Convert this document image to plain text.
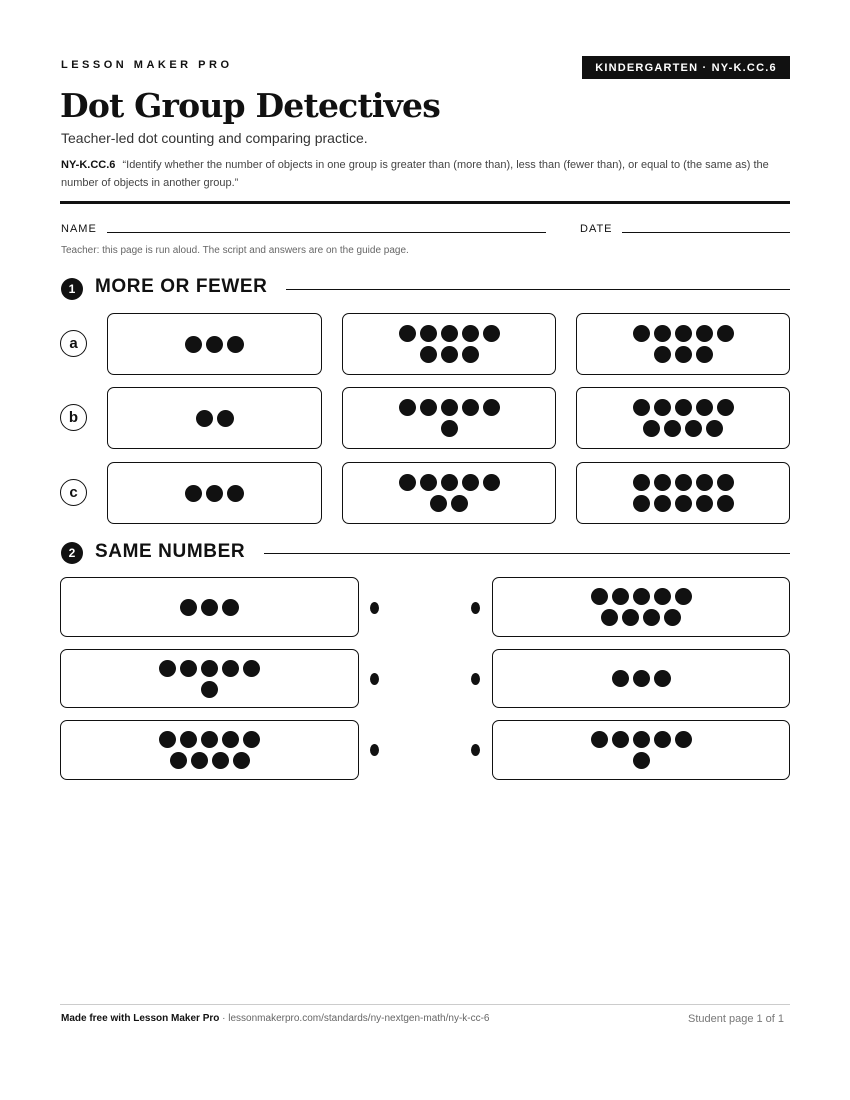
LESSON MAKER PRO	KINDERGARTEN · NY-K.CC.6
Dot Group Detectives
Teacher-led dot counting and comparing practice.
NY-K.CC.6 “Identify whether the number of objects in one group is greater than (more than), less than (fewer than), or equal to (the same as) the number of objects in another group.”
NAME	DATE
Teacher: this page is run aloud. The script and answers are on the guide page.
1	MORE OR FEWER
a
b
c
2	SAME NUMBER
Made free with Lesson Maker Pro · lessonmakerpro.com/standards/ny-nextgen-math/ny-k-cc-6	Student page 1 of 1
